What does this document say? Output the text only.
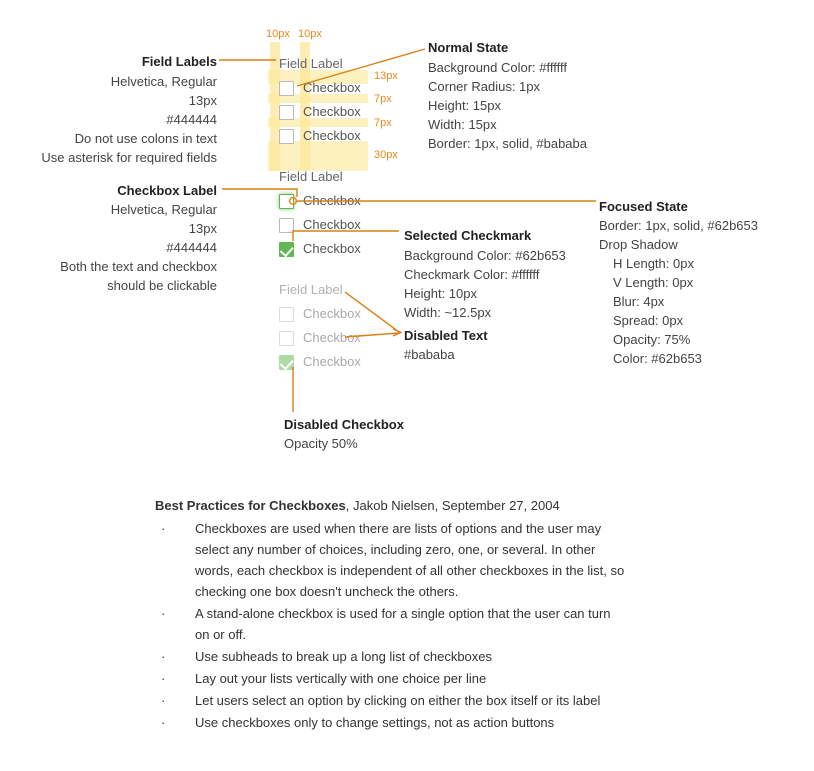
10px 10px
13px
7px
7px
30px
Field Label
Checkbox
Checkbox
Checkbox
Field Label
Checkbox
Checkbox
Checkbox
Field Label
Checkbox
Checkbox
Checkbox
Field Labels
Helvetica, Regular
13px
#444444
Do not use colons in text
Use asterisk for required fields
Checkbox Label
Helvetica, Regular
13px
#444444
Both the text and checkbox
should be clickable
Normal State
Background Color: #ffffff
Corner Radius: 1px
Height: 15px
Width: 15px
Border: 1px, solid, #bababa
Focused State
Border: 1px, solid, #62b653
Drop Shadow
H Length: 0px
V Length: 0px
Blur: 4px
Spread: 0px
Opacity: 75%
Color: #62b653
Selected Checkmark
Background Color: #62b653
Checkmark Color: #ffffff
Height: 10px
Width: ~12.5px
Disabled Text
#bababa
Disabled Checkbox
Opacity 50%
Best Practices for Checkboxes, Jakob Nielsen, September 27, 2004
· Checkboxes are used when there are lists of options and the user may select any number of choices, including zero, one, or several. In other words, each checkbox is independent of all other checkboxes in the list, so checking one box doesn't uncheck the others.
· A stand-alone checkbox is used for a single option that the user can turn on or off.
· Use subheads to break up a long list of checkboxes
· Lay out your lists vertically with one choice per line
· Let users select an option by clicking on either the box itself or its label
· Use checkboxes only to change settings, not as action buttons
